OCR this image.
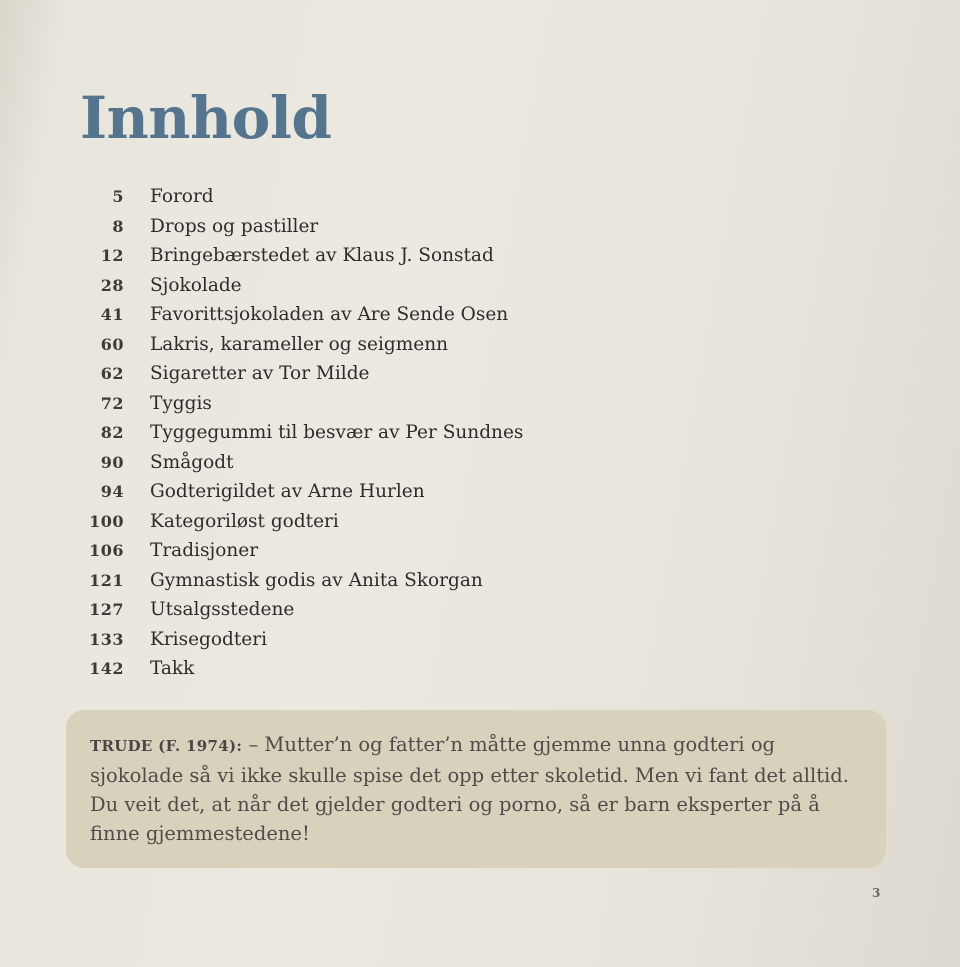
Innhold
5 Forord
8 Drops og pastiller
12 Bringebærstedet av Klaus J. Sonstad
28 Sjokolade
41 Favorittsjokoladen av Are Sende Osen
60 Lakris, karameller og seigmenn
62 Sigaretter av Tor Milde
72 Tyggis
82 Tyggegummi til besvær av Per Sundnes
90 Smågodt
94 Godterigildet av Arne Hurlen
100 Kategoriløst godteri
106 Tradisjoner
121 Gymnastisk godis av Anita Skorgan
127 Utsalgsstedene
133 Krisegodteri
142 Takk

TRUDE (F. 1974): – Mutter’n og fatter’n måtte gjemme unna godteri og sjokolade så vi ikke skulle spise det opp etter skoletid. Men vi fant det alltid. Du veit det, at når det gjelder godteri og porno, så er barn eksperter på å finne gjemmestedene!

3
